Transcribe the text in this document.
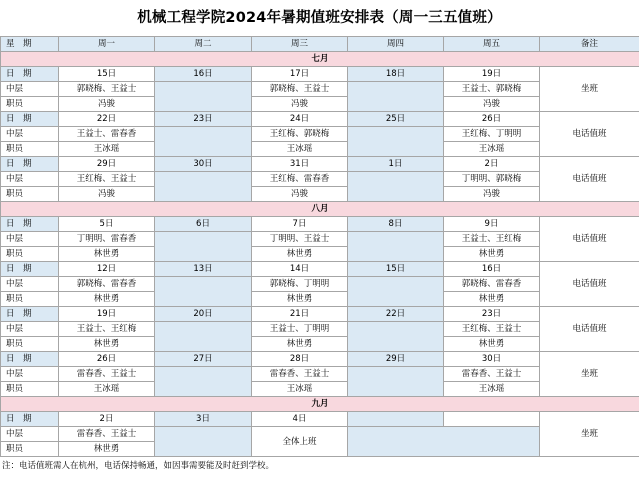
机械工程学院2024年暑期值班安排表（周一三五值班）
星　期	周一	周二	周三	周四	周五	备注
七月						
日　期	15日	16日	17日	18日	19日	坐班
中层	郭晓梅、王益士		郭晓梅、王益士		王益士、郭晓梅	
职员	冯骏		冯骏		冯骏	
日　期	22日	23日	24日	25日	26日	电话值班
中层	王益士、雷春香		王红梅、郭晓梅		王红梅、丁明明	
职员	王冰瑶		王冰瑶		王冰瑶	
日　期	29日	30日	31日	1日	2日	电话值班
中层	王红梅、王益士		王红梅、雷春香		丁明明、郭晓梅	
职员	冯骏		冯骏		冯骏	
八月						
日　期	5日	6日	7日	8日	9日	电话值班
中层	丁明明、雷春香		丁明明、王益士		王益士、王红梅	
职员	林世勇		林世勇		林世勇	
日　期	12日	13日	14日	15日	16日	电话值班
中层	郭晓梅、雷春香		郭晓梅、丁明明		郭晓梅、雷春香	
职员	林世勇		林世勇		林世勇	
日　期	19日	20日	21日	22日	23日	电话值班
中层	王益士、王红梅		王益士、丁明明		王红梅、王益士	
职员	林世勇		林世勇		林世勇	
日　期	26日	27日	28日	29日	30日	坐班
中层	雷春香、王益士		雷春香、王益士		雷春香、王益士	
职员	王冰瑶		王冰瑶		王冰瑶	
九月						
日　期	2日	3日	4日			坐班
中层	雷春香、王益士		全体上班			
职员	林世勇					
注：电话值班需人在杭州，电话保持畅通，如因事需要能及时赶到学校。
